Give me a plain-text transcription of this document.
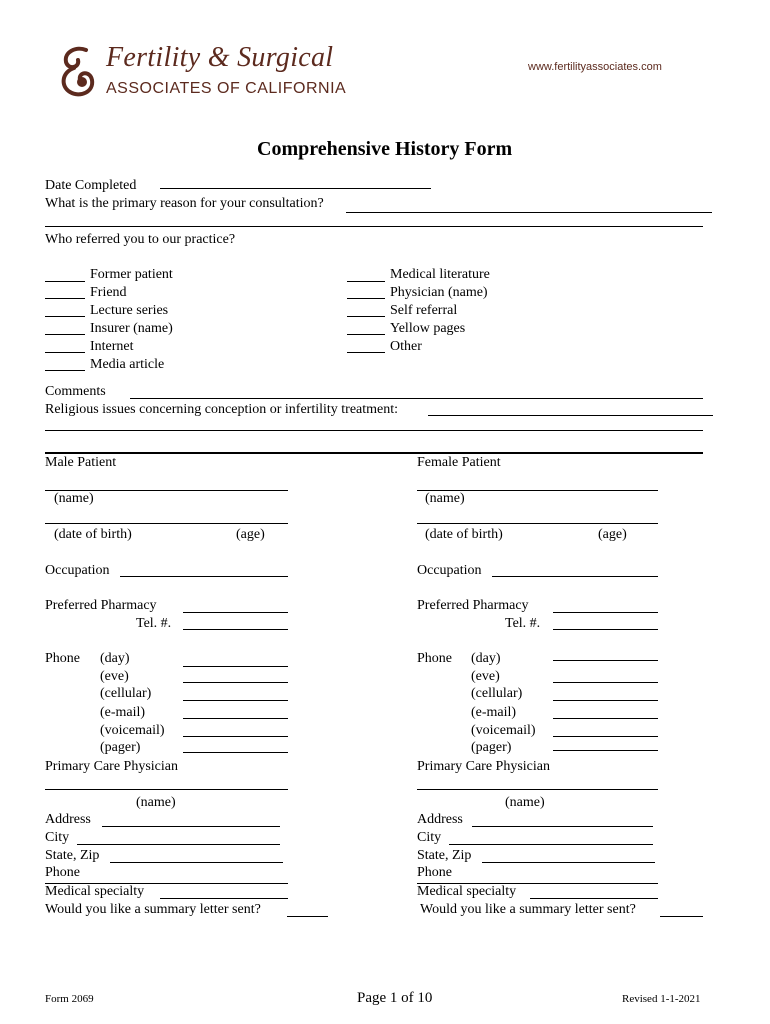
Fertility & Surgical
ASSOCIATES OF CALIFORNIA
www.fertilityassociates.com
Comprehensive History Form
Date Completed
What is the primary reason for your consultation?
Who referred you to our practice?
Former patient
Friend
Lecture series
Insurer (name)
Internet
Media article
Medical literature
Physician (name)
Self referral
Yellow pages
Other
Comments
Religious issues concerning conception or infertility treatment:
Male Patient
(name)
(date of birth)	(age)
Occupation
Preferred Pharmacy
Tel. #.
Phone (day)
(eve)
(cellular)
(e-mail)
(voicemail)
(pager)
Primary Care Physician
(name)
Address
City
State, Zip
Phone
Medical specialty
Would you like a summary letter sent?
Female Patient
(name)
(date of birth)	(age)
Occupation
Preferred Pharmacy
Tel. #.
Phone (day)
(eve)
(cellular)
(e-mail)
(voicemail)
(pager)
Primary Care Physician
(name)
Address
City
State, Zip
Phone
Medical specialty
Would you like a summary letter sent?
Form 2069	Page 1 of 10	Revised 1-1-2021
